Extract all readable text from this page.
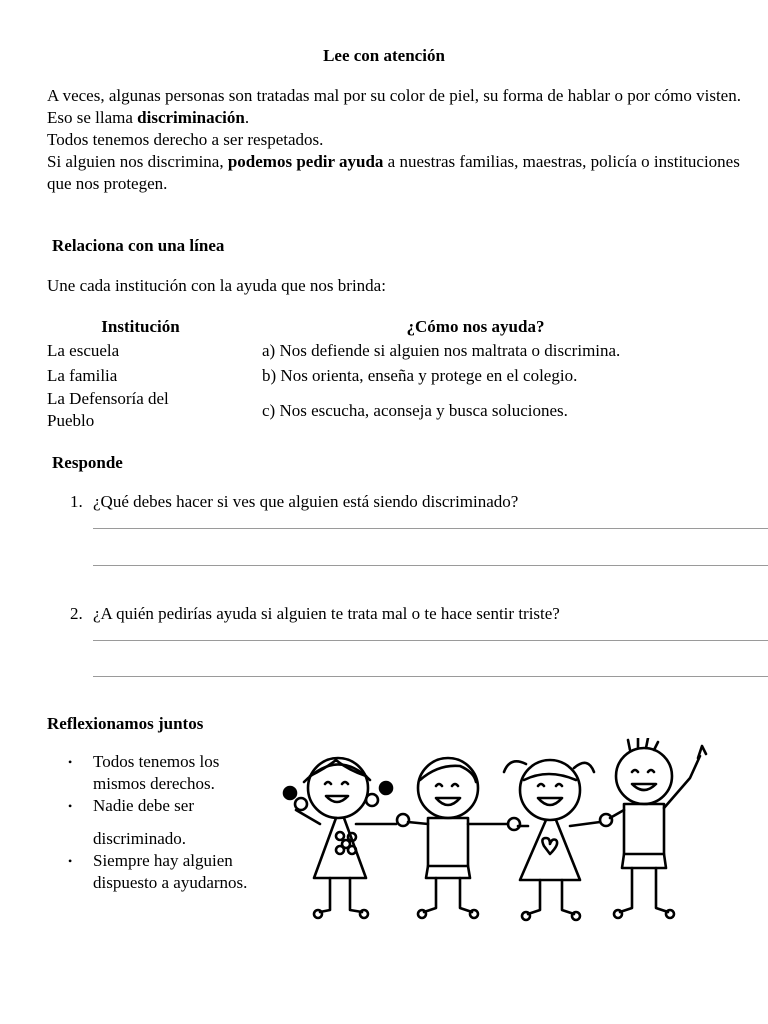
Lee con atención

A veces, algunas personas son tratadas mal por su color de piel, su forma de hablar o por cómo visten.

Eso se llama discriminación.

Todos tenemos derecho a ser respetados.

Si alguien nos discrimina, podemos pedir ayuda a nuestras familias, maestras, policía o instituciones que nos protegen.

Relaciona con una línea
Une cada institución con la ayuda que nos brinda:
Institución	¿Cómo nos ayuda?
La escuela
La familia
La Defensoría del Pueblo
a) Nos defiende si alguien nos maltrata o discrimina.
b) Nos orienta, enseña y protege en el colegio.
c) Nos escucha, aconseja y busca soluciones.
Responde
1. ¿Qué debes hacer si ves que alguien está siendo discriminado?
2. ¿A quién pedirías ayuda si alguien te trata mal o te hace sentir triste?
Reflexionamos juntos
• Todos tenemos los mismos derechos.
• Nadie debe ser
discriminado.
• Siempre hay alguien dispuesto a ayudarnos.
